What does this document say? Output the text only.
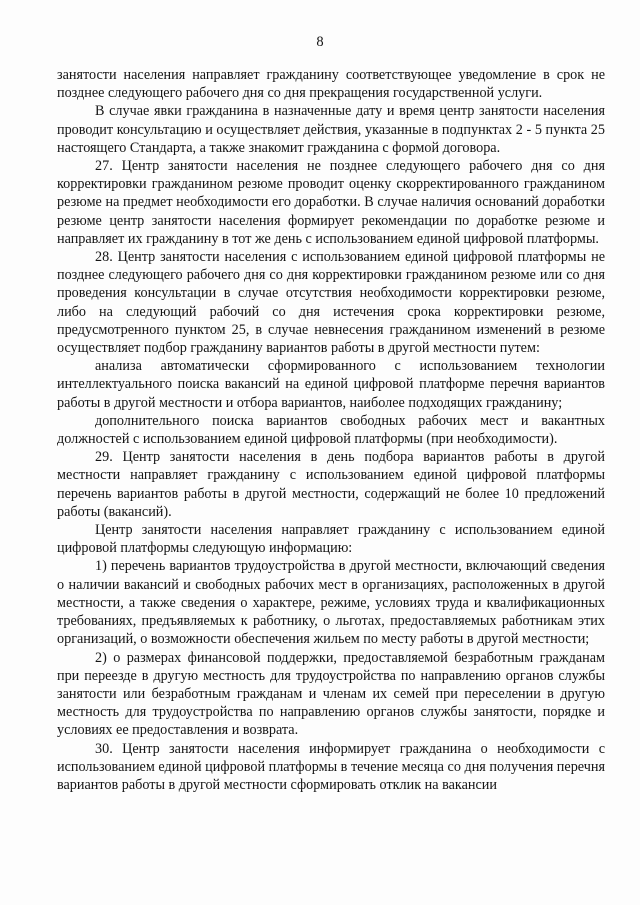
8

занятости населения направляет гражданину соответствующее уведомление в срок не позднее следующего рабочего дня со дня прекращения государственной услуги.

В случае явки гражданина в назначенные дату и время центр занятости населения проводит консультацию и осуществляет действия, указанные в подпунктах 2 - 5 пункта 25 настоящего Стандарта, а также знакомит гражданина с формой договора.

27. Центр занятости населения не позднее следующего рабочего дня со дня корректировки гражданином резюме проводит оценку скорректированного гражданином резюме на предмет необходимости его доработки. В случае наличия оснований доработки резюме центр занятости населения формирует рекомендации по доработке резюме и направляет их гражданину в тот же день с использованием единой цифровой платформы.

28. Центр занятости населения с использованием единой цифровой платформы не позднее следующего рабочего дня со дня корректировки гражданином резюме или со дня проведения консультации в случае отсутствия необходимости корректировки резюме, либо на следующий рабочий со дня истечения срока корректировки резюме, предусмотренного пунктом 25, в случае невнесения гражданином изменений в резюме осуществляет подбор гражданину вариантов работы в другой местности путем:

анализа автоматически сформированного с использованием технологии интеллектуального поиска вакансий на единой цифровой платформе перечня вариантов работы в другой местности и отбора вариантов, наиболее подходящих гражданину;

дополнительного поиска вариантов свободных рабочих мест и вакантных должностей с использованием единой цифровой платформы (при необходимости).

29. Центр занятости населения в день подбора вариантов работы в другой местности направляет гражданину с использованием единой цифровой платформы перечень вариантов работы в другой местности, содержащий не более 10 предложений работы (вакансий).

Центр занятости населения направляет гражданину с использованием единой цифровой платформы следующую информацию:

1) перечень вариантов трудоустройства в другой местности, включающий сведения о наличии вакансий и свободных рабочих мест в организациях, расположенных в другой местности, а также сведения о характере, режиме, условиях труда и квалификационных требованиях, предъявляемых к работнику, о льготах, предоставляемых работникам этих организаций, о возможности обеспечения жильем по месту работы в другой местности;

2) о размерах финансовой поддержки, предоставляемой безработным гражданам при переезде в другую местность для трудоустройства по направлению органов службы занятости или безработным гражданам и членам их семей при переселении в другую местность для трудоустройства по направлению органов службы занятости, порядке и условиях ее предоставления и возврата.

30. Центр занятости населения информирует гражданина о необходимости с использованием единой цифровой платформы в течение месяца со дня получения перечня вариантов работы в другой местности сформировать отклик на вакансии
